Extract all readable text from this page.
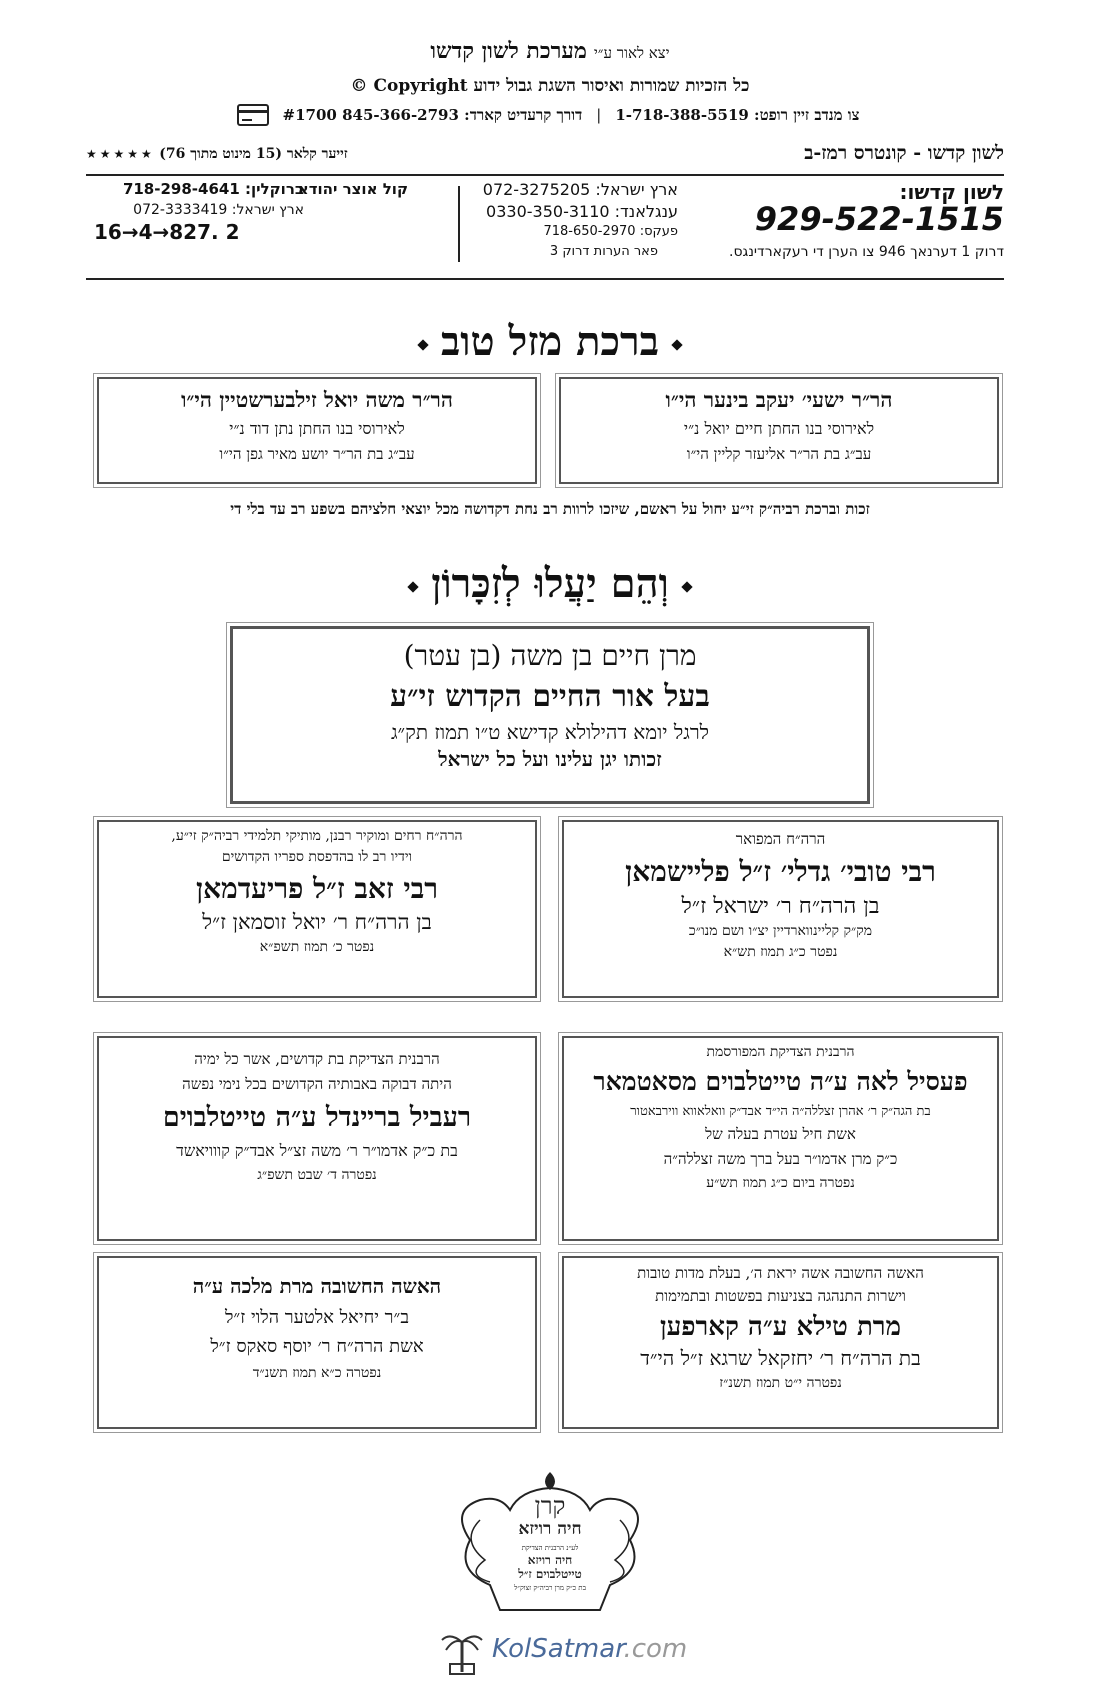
יצא לאור ע״י מערכת לשון קדשו
כל הזכיות שמורות ואיסור השגת גבול ידוע Copyright ©
צו מנדב זיין רופט: 1-718-388-5519
|
דורך קרעדיט קארד: 845-366-2793 #1700
לשון קדשו - קונטרס רמז-ב
זייער קלאר (15 מינוט מתוך 76) ★★★★★
לשון קדשו:
929-522-1515
דרוק 1 דערנאך 946 צו הערן די רעקארדינגס.
ארץ ישראל: 072-3275205
ענגלאנד: 0330-350-3110
פעקס: 718-650-2970
פאר הערות דרוק 3
קול אוצר יהודא
ברוקלין: 718-298-4641
ארץ ישראל: 072-3333419
16→4→827. 2
ברכת מזל טוב
הר״ר ישעי׳ יעקב בינער הי״ו
לאירוסי בנו החתן חיים יואל נ״י
עב״ג בת הר״ר אליעזר קליין הי״ו
הר״ר משה יואל זילבערשטיין הי״ו
לאירוסי בנו החתן נתן דוד נ״י
עב״ג בת הר״ר יושע מאיר גפן הי״ו
זכות וברכת רביה״ק זי״ע יחול על ראשם, שיזכו לרוות רב נחת דקדושה מכל יוצאי חלציהם בשפע רב עד בלי די
וְהֵם יַעֲלוּ לְזִכָּרוֹן
מרן חיים בן משה (בן עטר)
בעל אור החיים הקדוש זי״ע
לרגל יומא דהילולא קדישא ט״ו תמוז תק״ג
זכותו יגן עלינו ועל כל ישראל
הרה״ח המפואר
רבי טובי׳ גדלי׳ ז״ל פליישמאן
בן הרה״ח ר׳ ישראל ז״ל
מק״ק קליינווארדיין יצ״ו ושם מנו״כ
נפטר כ״ג תמוז תש״א
הרה״ח רחים ומוקיר רבנן, מותיקי תלמידי רביה״ק זי״ע,
וידיו רב לו בהדפסת ספריו הקדושים
רבי זאב ז״ל פריעדמאן
בן הרה״ח ר׳ יואל זוסמאן ז״ל
נפטר כ׳ תמוז תשפ״א
הרבנית הצדיקת המפורסמת
פעסיל לאה ע״ה טייטלבוים מסאטמאר
בת הגה״ק ר׳ אהרן זצללה״ה הי״ד אבד״ק וואלאווא ווירבאטור
אשת חיל עטרת בעלה של
כ״ק מרן אדמו״ר בעל ברך משה זצללה״ה
נפטרה ביום כ״ג תמוז תש״ע
הרבנית הצדיקת בת קדושים, אשר כל ימיה
היתה דבוקה באבותיה הקדושים בכל נימי נפשה
רעביל ברײנדל ע״ה טייטלבוים
בת כ״ק אדמו״ר ר׳ משה זצ״ל אבד״ק קווויאשד
נפטרה ד׳ שבט תשפ״ג
האשה החשובה אשה יראת ה׳, בעלת מדות טובות
וישרות התנהגה בצניעות בפשטות ובתמימות
מרת טילא ע״ה קארפען
בת הרה״ח ר׳ יחזקאל שרגא ז״ל הי״ד
נפטרה י״ט תמוז תשנ״ז
האשה החשובה מרת מלכה ע״ה
ב״ר יחיאל אלטער הלוי ז״ל
אשת הרה״ח ר׳ יוסף סאקס ז״ל
נפטרה כ״א תמוז תשנ״ד
קרן
חיה רויזא
לע״נ הרבנית הצדיקת
חיה רויזא
טייטלבוים ז״ל
בת כ״ק מרן רביה״ק זצוק״ל
KolSatmar.com
